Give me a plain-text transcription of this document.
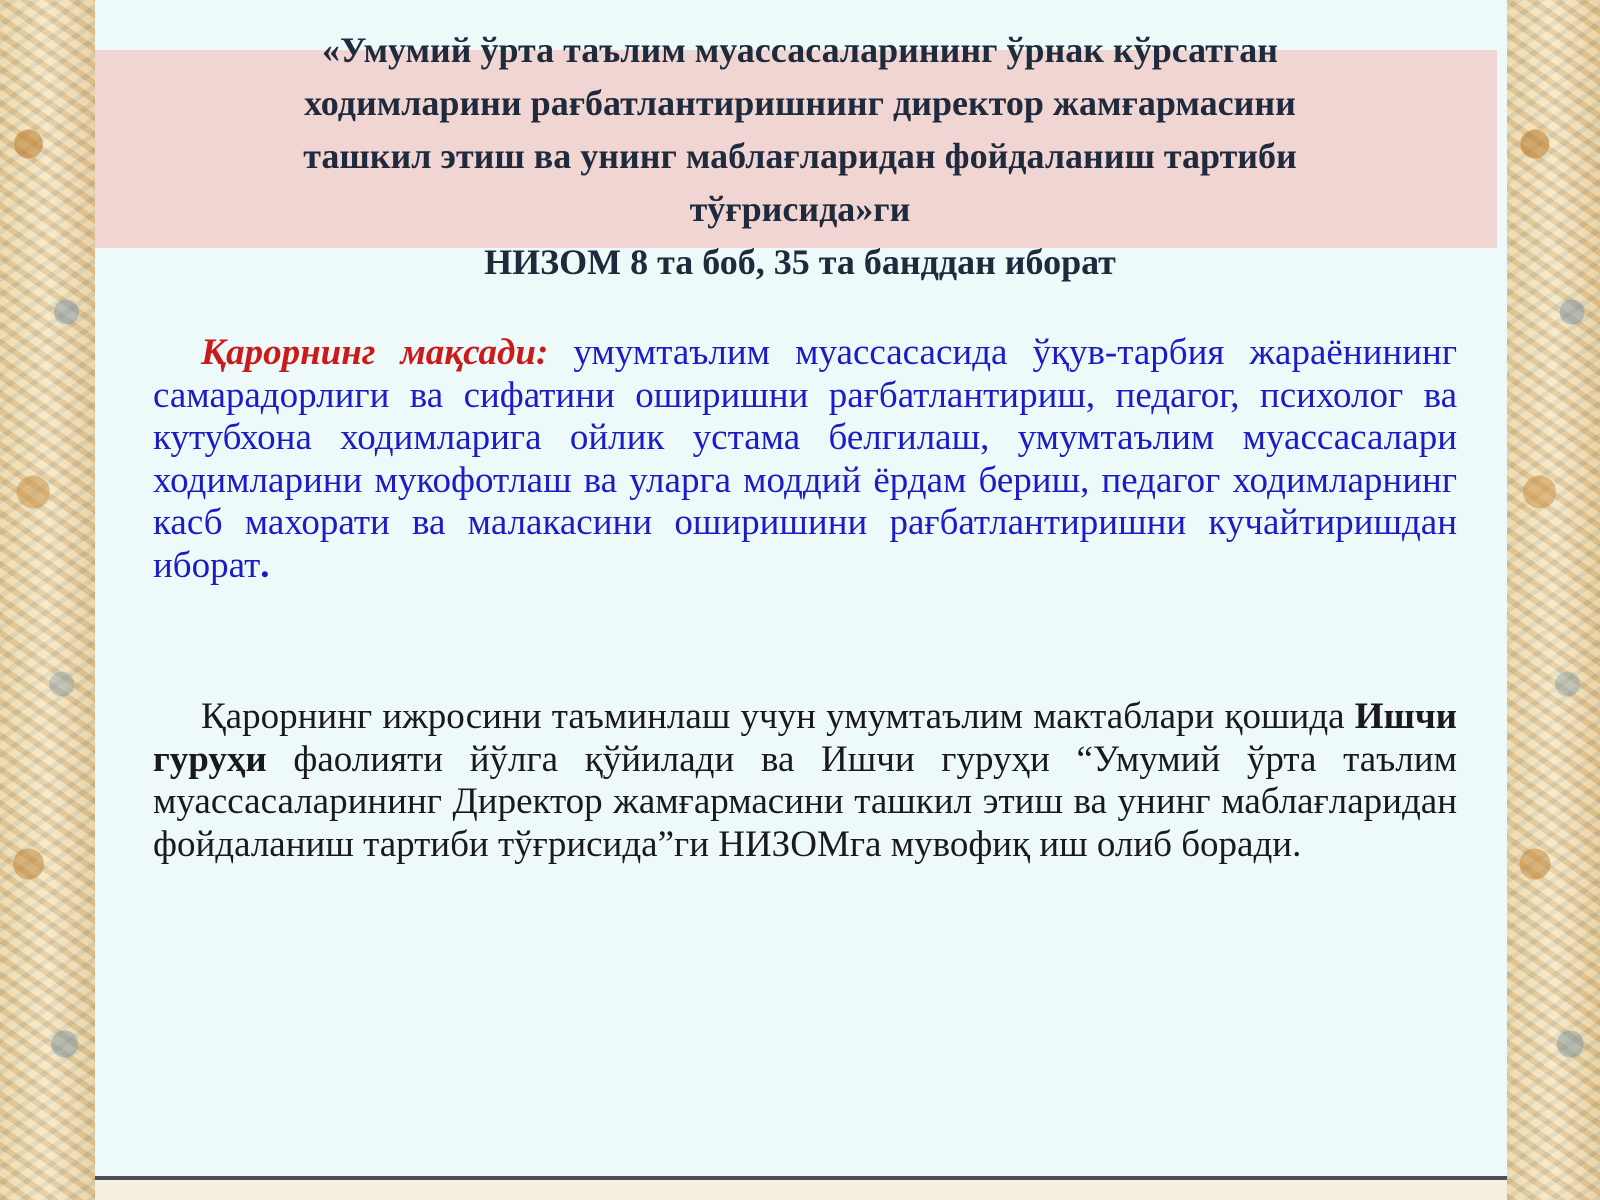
«Умумий ўрта таълим муассасаларининг ўрнак кўрсатган
ходимларини рағбатлантиришнинг директор жамғармасини
ташкил этиш ва унинг маблағларидан фойдаланиш тартиби
тўғрисида»ги
НИЗОМ 8 та боб, 35 та банддан иборат

Қарорнинг мақсади: умумтаълим муассасасида ўқув-тарбия жараёнининг самарадорлиги ва сифатини оширишни рағбатлантириш, педагог, психолог ва кутубхона ходимларига ойлик устама белгилаш, умумтаълим муассасалари ходимларини мукофотлаш ва уларга моддий ёрдам бериш, педагог ходимларнинг касб махорати ва малакасини оширишини рағбатлантиришни кучайтиришдан иборат.

Қарорнинг ижросини таъминлаш учун умумтаълим мактаблари қошида Ишчи гуруҳи фаолияти йўлга қўйилади ва Ишчи гуруҳи “Умумий ўрта таълим муассасаларининг Директор жамғармасини ташкил этиш ва унинг маблағларидан фойдаланиш тартиби тўғрисида”ги НИЗОМга мувофиқ иш олиб боради.
